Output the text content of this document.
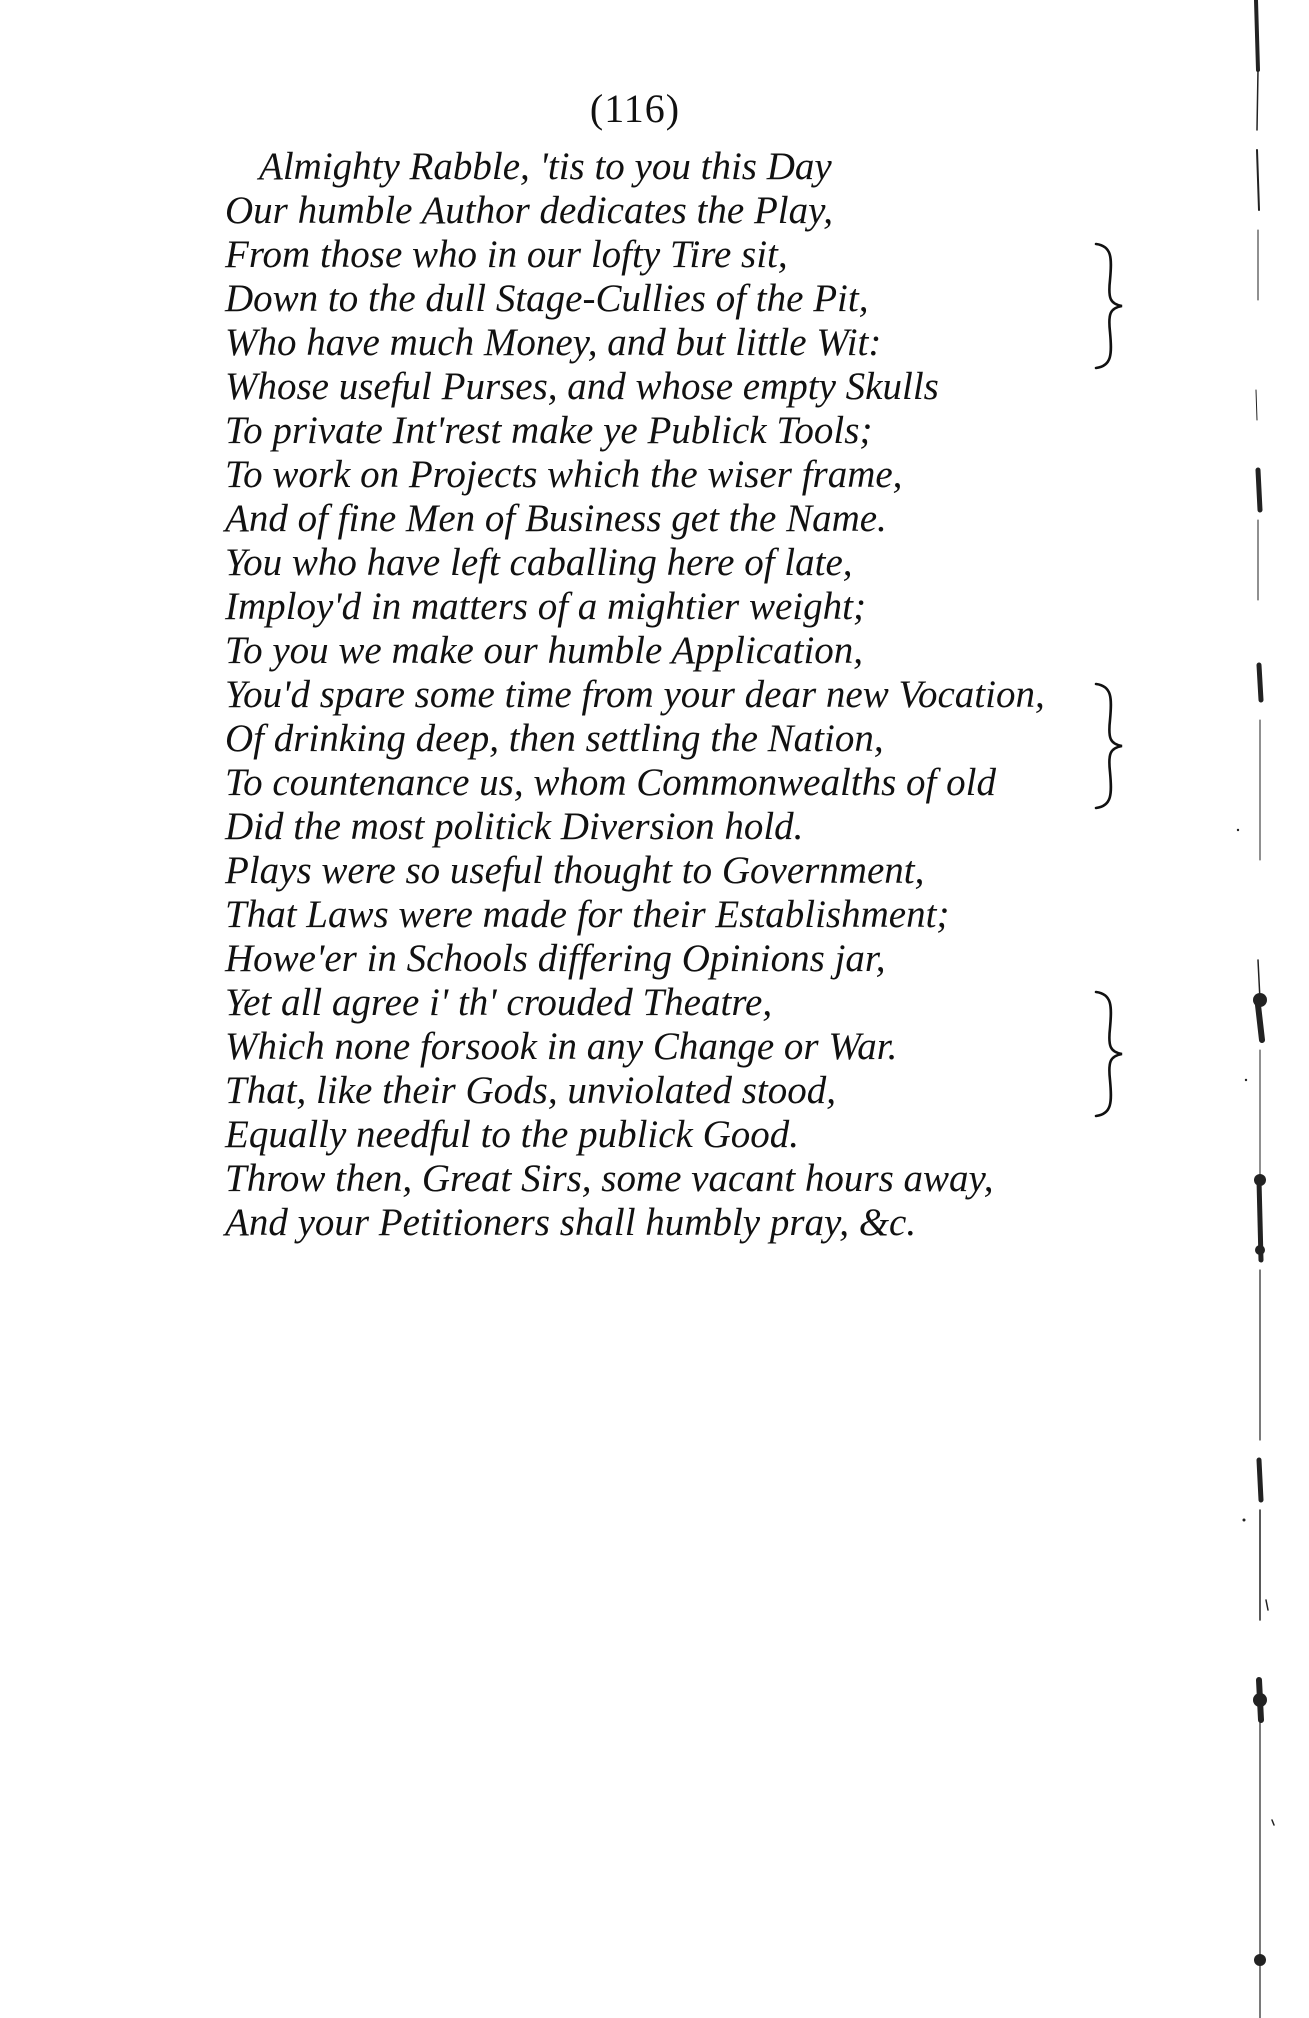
(116)
Almighty Rabble, 'tis to you this Day
Our humble Author dedicates the Play,
From those who in our lofty Tire sit,
Down to the dull Stage-Cullies of the Pit,
Who have much Money, and but little Wit:
Whose useful Purses, and whose empty Skulls
To private Int'rest make ye Publick Tools;
To work on Projects which the wiser frame,
And of fine Men of Business get the Name.
You who have left caballing here of late,
Imploy'd in matters of a mightier weight;
To you we make our humble Application,
You'd spare some time from your dear new Vocation,
Of drinking deep, then settling the Nation,
To countenance us, whom Commonwealths of old
Did the most politick Diversion hold.
Plays were so useful thought to Government,
That Laws were made for their Establishment;
Howe'er in Schools differing Opinions jar,
Yet all agree i' th' crouded Theatre,
Which none forsook in any Change or War.
That, like their Gods, unviolated stood,
Equally needful to the publick Good.
Throw then, Great Sirs, some vacant hours away,
And your Petitioners shall humbly pray, &c.
